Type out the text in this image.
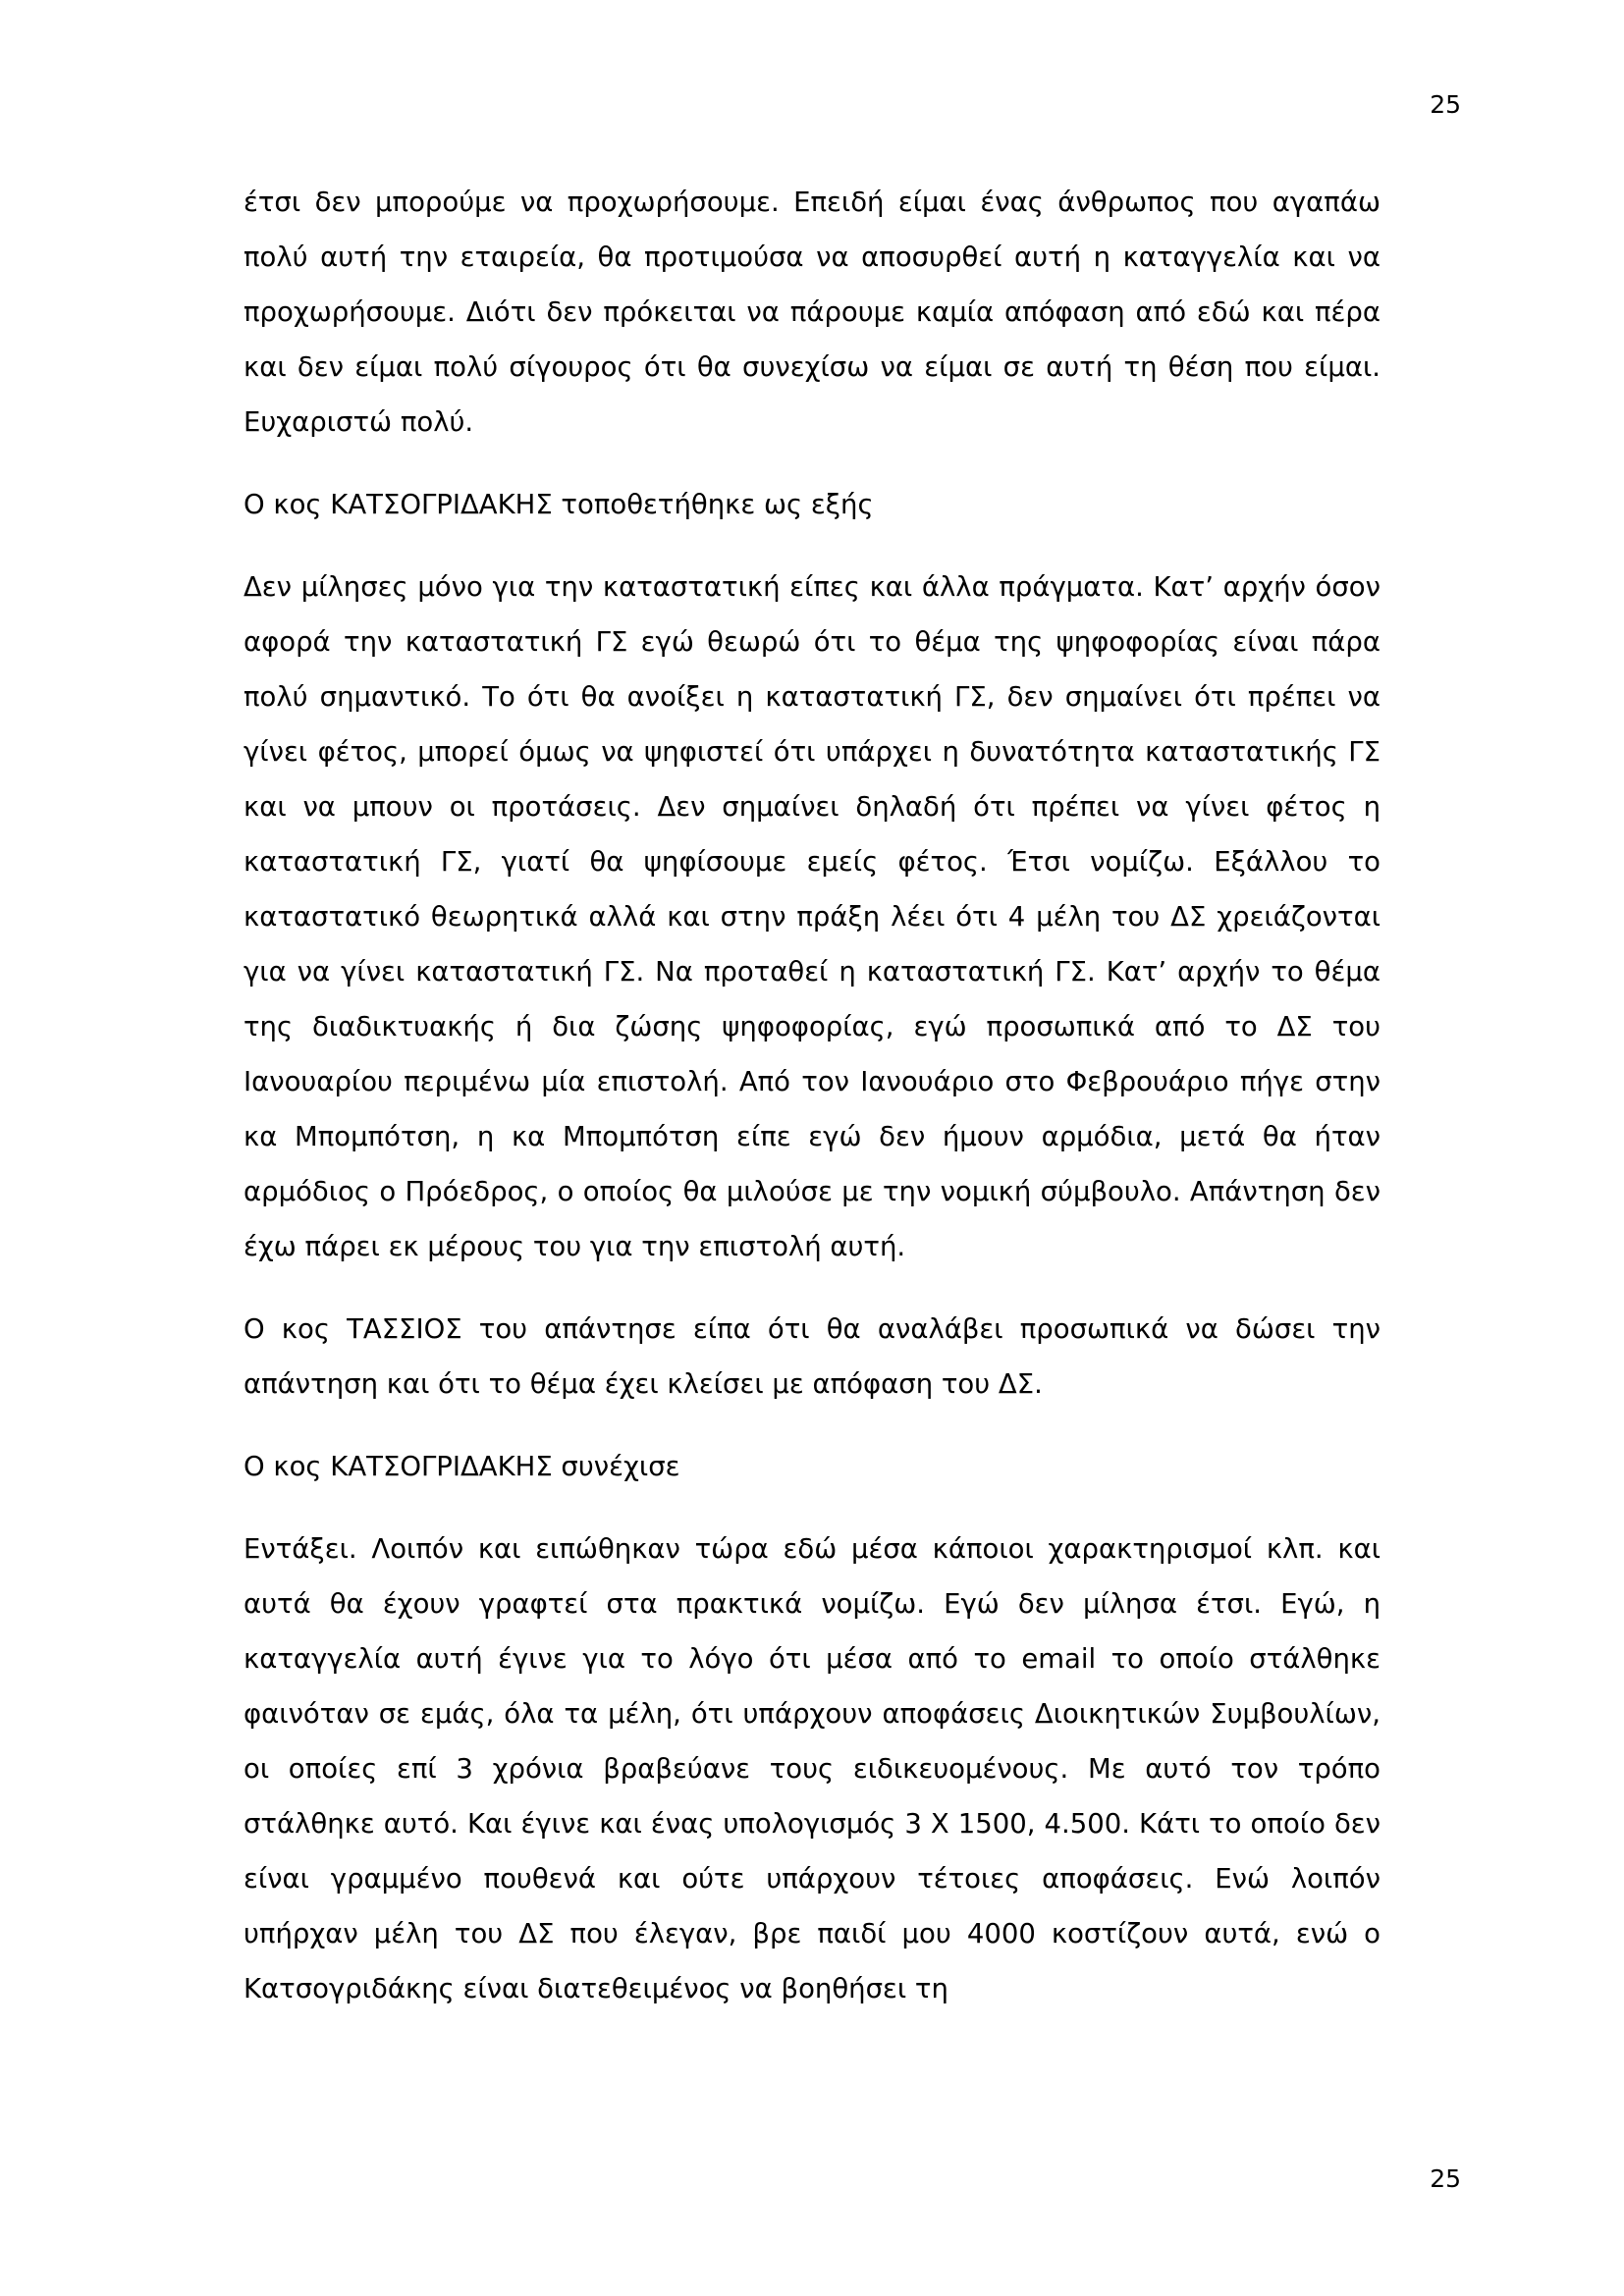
25

έτσι δεν μπορούμε να προχωρήσουμε. Επειδή είμαι ένας άνθρωπος που αγαπάω πολύ αυτή την εταιρεία, θα προτιμούσα να αποσυρθεί αυτή η καταγγελία και να προχωρήσουμε. Διότι δεν πρόκειται να πάρουμε καμία απόφαση από εδώ και πέρα και δεν είμαι πολύ σίγουρος ότι θα συνεχίσω να είμαι σε αυτή τη θέση που είμαι. Ευχαριστώ πολύ.

Ο κος ΚΑΤΣΟΓΡΙΔΑΚΗΣ τοποθετήθηκε ως εξής

Δεν μίλησες μόνο για την καταστατική είπες και άλλα πράγματα. Κατ’ αρχήν όσον αφορά την καταστατική ΓΣ εγώ θεωρώ ότι το θέμα της ψηφοφορίας είναι πάρα πολύ σημαντικό. Το ότι θα ανοίξει η καταστατική ΓΣ, δεν σημαίνει ότι πρέπει να γίνει φέτος, μπορεί όμως να ψηφιστεί ότι υπάρχει η δυνατότητα καταστατικής ΓΣ και να μπουν οι προτάσεις. Δεν σημαίνει δηλαδή ότι πρέπει να γίνει φέτος η καταστατική ΓΣ, γιατί θα ψηφίσουμε εμείς φέτος. Έτσι νομίζω. Εξάλλου το καταστατικό θεωρητικά αλλά και στην πράξη λέει ότι 4 μέλη του ΔΣ χρειάζονται για να γίνει καταστατική ΓΣ. Να προταθεί η καταστατική ΓΣ. Κατ’ αρχήν το θέμα της διαδικτυακής ή δια ζώσης ψηφοφορίας, εγώ προσωπικά από το ΔΣ του Ιανουαρίου περιμένω μία επιστολή. Από τον Ιανουάριο στο Φεβρουάριο πήγε στην κα Μπομπότση, η κα Μπομπότση είπε εγώ δεν ήμουν αρμόδια, μετά θα ήταν αρμόδιος ο Πρόεδρος, ο οποίος θα μιλούσε με την νομική σύμβουλο. Απάντηση δεν έχω πάρει εκ μέρους του για την επιστολή αυτή.

Ο κος ΤΑΣΣΙΟΣ του απάντησε είπα ότι θα αναλάβει προσωπικά να δώσει την απάντηση και ότι το θέμα έχει κλείσει με απόφαση του ΔΣ.

Ο κος ΚΑΤΣΟΓΡΙΔΑΚΗΣ συνέχισε

Εντάξει. Λοιπόν και ειπώθηκαν τώρα εδώ μέσα κάποιοι χαρακτηρισμοί κλπ. και αυτά θα έχουν γραφτεί στα πρακτικά νομίζω. Εγώ δεν μίλησα έτσι. Εγώ, η καταγγελία αυτή έγινε για το λόγο ότι μέσα από το email το οποίο στάλθηκε φαινόταν σε εμάς, όλα τα μέλη, ότι υπάρχουν αποφάσεις Διοικητικών Συμβουλίων, οι οποίες επί 3 χρόνια βραβεύανε τους ειδικευομένους. Με αυτό τον τρόπο στάλθηκε αυτό. Και έγινε και ένας υπολογισμός 3 Χ 1500, 4.500. Κάτι το οποίο δεν είναι γραμμένο πουθενά και ούτε υπάρχουν τέτοιες αποφάσεις. Ενώ λοιπόν υπήρχαν μέλη του ΔΣ που έλεγαν, βρε παιδί μου 4000 κοστίζουν αυτά, ενώ ο Κατσογριδάκης είναι διατεθειμένος να βοηθήσει τη

25
